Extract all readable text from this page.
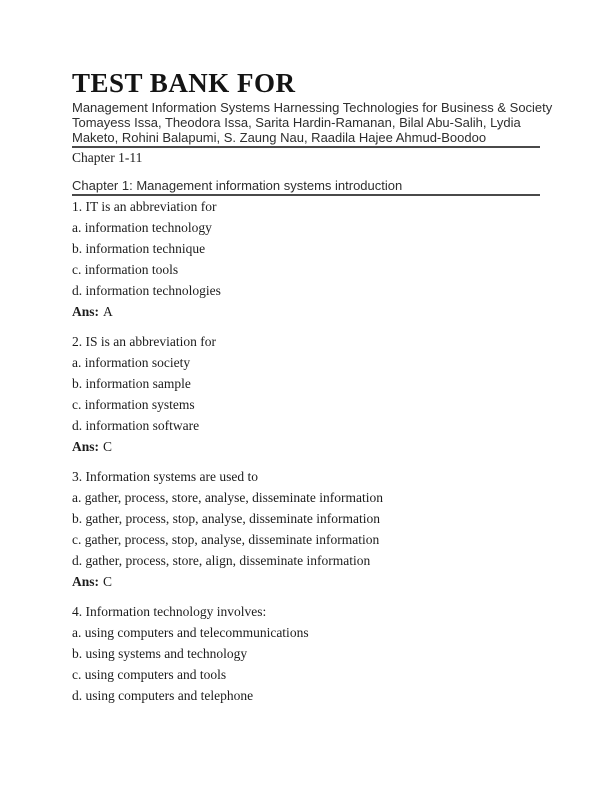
TEST BANK FOR

Management Information Systems Harnessing Technologies for Business & Society

Tomayess Issa, Theodora Issa, Sarita Hardin-Ramanan, Bilal Abu-Salih, Lydia Maketo, Rohini Balapumi, S. Zaung Nau, Raadila Hajee Ahmud-Boodoo

Chapter 1-11

Chapter 1: Management information systems introduction

1. IT is an abbreviation for

a. information technology

b. information technique

c. information tools

d. information technologies

Ans: A

2. IS is an abbreviation for

a. information society

b. information sample

c. information systems

d. information software

Ans: C

3. Information systems are used to

a. gather, process, store, analyse, disseminate information

b. gather, process, stop, analyse, disseminate information

c. gather, process, stop, analyse, disseminate information

d. gather, process, store, align, disseminate information

Ans: C

4. Information technology involves:

a. using computers and telecommunications

b. using systems and technology

c. using computers and tools

d. using computers and telephone
